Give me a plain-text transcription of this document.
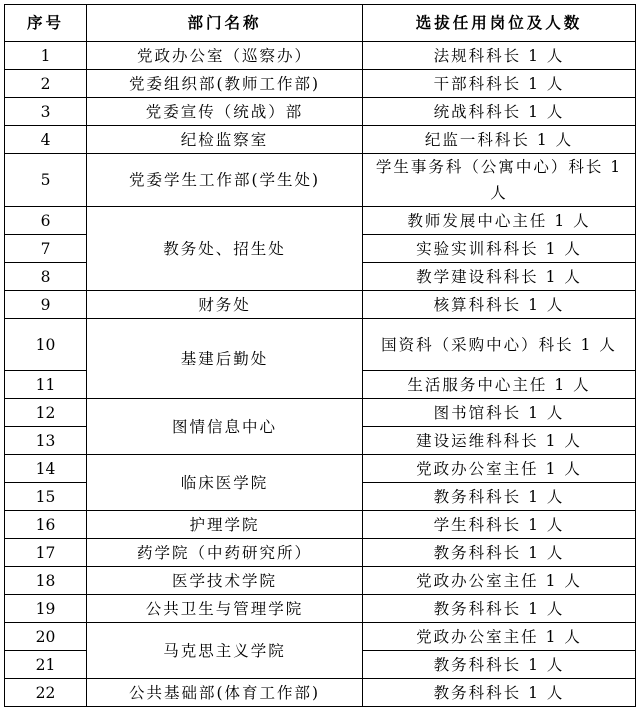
序号	部门名称	选拔任用岗位及人数
1	党政办公室（巡察办）	法规科科长 1 人
2	党委组织部(教师工作部)	干部科科长 1 人
3	党委宣传（统战）部	统战科科长 1 人
4	纪检监察室	纪监一科科长 1 人
5	党委学生工作部(学生处)	学生事务科（公寓中心）科长 1 人
6	教务处、招生处	教师发展中心主任 1 人
7		实验实训科科长 1 人
8		教学建设科科长 1 人
9	财务处	核算科科长 1 人
10	基建后勤处	国资科（采购中心）科长 1 人
11		生活服务中心主任 1 人
12	图情信息中心	图书馆科长 1 人
13		建设运维科科长 1 人
14	临床医学院	党政办公室主任 1 人
15		教务科科长 1 人
16	护理学院	学生科科长 1 人
17	药学院（中药研究所）	教务科科长 1 人
18	医学技术学院	党政办公室主任 1 人
19	公共卫生与管理学院	教务科科长 1 人
20	马克思主义学院	党政办公室主任 1 人
21		教务科科长 1 人
22	公共基础部(体育工作部)	教务科科长 1 人
